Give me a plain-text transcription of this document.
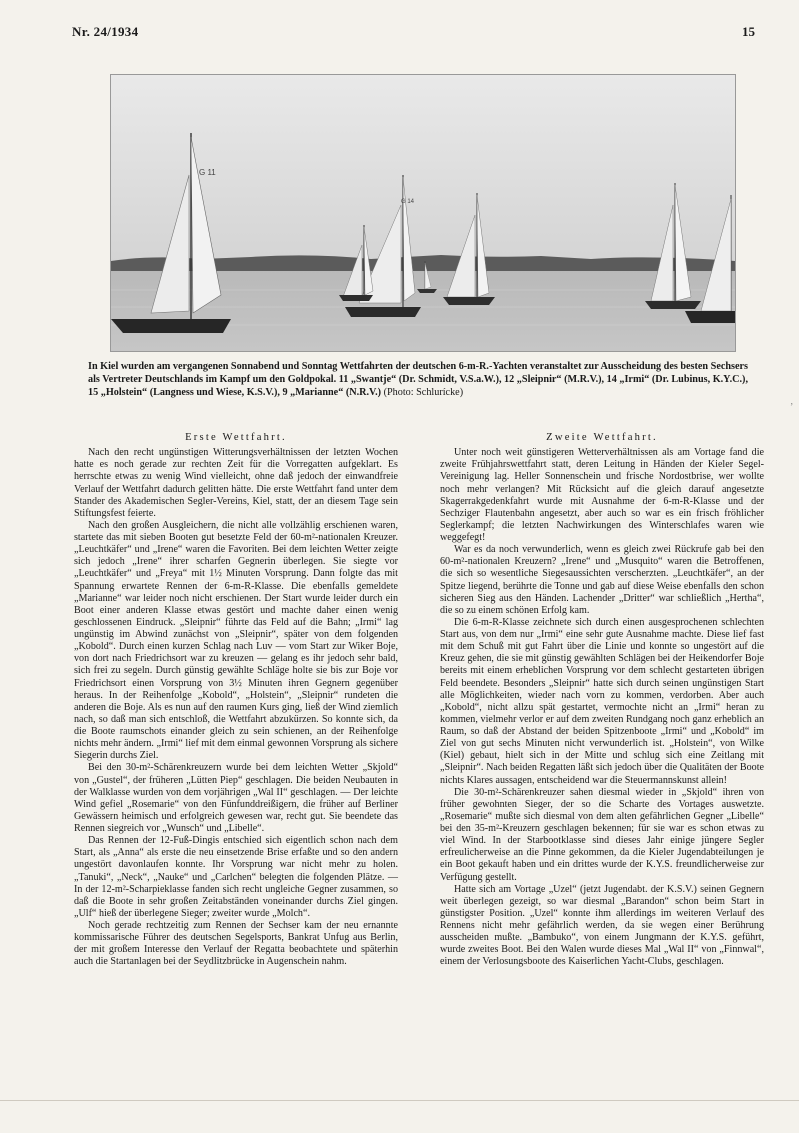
Nr. 24/1934	15
G 11
G 14
In Kiel wurden am vergangenen Sonnabend und Sonntag Wettfahrten der deutschen 6-m-R.-Yachten veranstaltet zur Ausscheidung des besten Sechsers als Vertreter Deutschlands im Kampf um den Goldpokal. 11 „Swantje“ (Dr. Schmidt, V.S.a.W.), 12 „Sleipnir“ (M.R.V.), 14 „Irmi“ (Dr. Lubinus, K.Y.C.), 15 „Holstein“ (Langness und Wiese, K.S.V.), 9 „Marianne“ (N.R.V.) (Photo: Schlurícke)
,
Erste Wettfahrt.

Nach den recht ungünstigen Witterungsverhältnissen der letzten Wochen hatte es noch gerade zur rechten Zeit für die Vorregatten aufgeklart. Es herrschte etwas zu wenig Wind vielleicht, ohne daß jedoch der einwandfreie Verlauf der Wettfahrt dadurch gelitten hätte. Die erste Wettfahrt fand unter dem Stander des Akademischen Segler-Vereins, Kiel, statt, der an diesem Tage sein Stiftungsfest feierte.

Nach den großen Ausgleichern, die nicht alle vollzählig erschienen waren, startete das mit sieben Booten gut besetzte Feld der 60-m²-nationalen Kreuzer. „Leuchtkäfer“ und „Irene“ waren die Favoriten. Bei dem leichten Wetter zeigte sich jedoch „Irene“ ihrer scharfen Gegnerin überlegen. Sie siegte vor „Leuchtkäfer“ und „Freya“ mit 1½ Minuten Vorsprung. Dann folgte das mit Spannung erwartete Rennen der 6-m-R-Klasse. Die ebenfalls gemeldete „Marianne“ war leider noch nicht erschienen. Der Start wurde leider durch ein Boot einer anderen Klasse etwas gestört und machte daher einen wenig geschlossenen Eindruck. „Sleipnir“ führte das Feld auf die Bahn; „Irmi“ lag ungünstig im Abwind zunächst von „Sleipnir“, später von dem folgenden „Kobold“. Durch einen kurzen Schlag nach Luv — vom Start zur Wiker Boje, von dort nach Friedrichsort war zu kreuzen — gelang es ihr jedoch sehr bald, sich frei zu segeln. Durch günstig gewählte Schläge holte sie bis zur Boje vor Friedrichsort einen Vorsprung von 3½ Minuten ihren Gegnern gegenüber heraus. In der Reihenfolge „Kobold“, „Holstein“, „Sleipnir“ rundeten die anderen die Boje. Als es nun auf den raumen Kurs ging, ließ der Wind ziemlich nach, so daß man sich entschloß, die Wettfahrt abzukürzen. So konnte sich, da die Boote raumschots einander gleich zu sein schienen, an der Reihenfolge nichts mehr ändern. „Irmi“ lief mit dem einmal gewonnen Vorsprung als sichere Siegerin durchs Ziel.

Bei den 30-m²-Schärenkreuzern wurde bei dem leichten Wetter „Skjold“ von „Gustel“, der früheren „Lütten Piep“ geschlagen. Die beiden Neubauten in der Walklasse wurden von dem vorjährigen „Wal II“ geschlagen. — Der leichte Wind gefiel „Rosemarie“ von den Fünfunddreißigern, die früher auf Berliner Gewässern heimisch und erfolgreich gewesen war, recht gut. Sie beendete das Rennen siegreich vor „Wunsch“ und „Libelle“.

Das Rennen der 12-Fuß-Dingis entschied sich eigentlich schon nach dem Start, als „Anna“ als erste die neu einsetzende Brise erfaßte und so den andern ungestört davonlaufen konnte. Ihr Vorsprung war nicht mehr zu holen. „Tanuki“, „Neck“, „Nauke“ und „Carlchen“ belegten die folgenden Plätze. — In der 12-m²-Scharpieklasse fanden sich recht ungleiche Gegner zusammen, so daß die Boote in sehr großen Zeitabständen voneinander durchs Ziel gingen. „Ulf“ hieß der überlegene Sieger; zweiter wurde „Molch“.

Noch gerade rechtzeitig zum Rennen der Sechser kam der neu ernannte kommissarische Führer des deutschen Segelsports, Bankrat Unfug aus Berlin, der mit großem Interesse den Verlauf der Regatta beobachtete und späterhin auch die Startanlagen bei der Seydlitzbrücke in Augenschein nahm.

Zweite Wettfahrt.

Unter noch weit günstigeren Wetterverhältnissen als am Vortage fand die zweite Frühjahrswettfahrt statt, deren Leitung in Händen der Kieler Segel-Vereinigung lag. Heller Sonnenschein und frische Nordostbrise, wer wollte noch mehr verlangen? Mit Rücksicht auf die gleich darauf angesetzte Skagerrakgedenkfahrt wurde mit Ausnahme der 6-m-R-Klasse und der Sechziger Flautenbahn angesetzt, aber auch so war es ein frisch fröhlicher Seglerkampf; die letzten Nachwirkungen des Winterschlafes waren wie weggefegt!

War es da noch verwunderlich, wenn es gleich zwei Rückrufe gab bei den 60-m²-nationalen Kreuzern? „Irene“ und „Musquito“ waren die Betroffenen, die sich so wesentliche Siegesaussichten verscherzten. „Leuchtkäfer“, an der Spitze liegend, berührte die Tonne und gab auf diese Weise ebenfalls den schon sicheren Sieg aus den Händen. Lachender „Dritter“ war schließlich „Hertha“, die so zu einem schönen Erfolg kam.

Die 6-m-R-Klasse zeichnete sich durch einen ausgesprochenen schlechten Start aus, von dem nur „Irmi“ eine sehr gute Ausnahme machte. Diese lief fast mit dem Schuß mit gut Fahrt über die Linie und konnte so ungestört auf die Kreuz gehen, die sie mit günstig gewählten Schlägen bei der Heikendorfer Boje bereits mit einem erheblichen Vorsprung vor dem schlecht gestarteten übrigen Feld beendete. Besonders „Sleipnir“ hatte sich durch seinen ungünstigen Start alle Möglichkeiten, wieder nach vorn zu kommen, verdorben. Aber auch „Kobold“, nicht allzu spät gestartet, vermochte nicht an „Irmi“ heran zu kommen, vielmehr verlor er auf dem zweiten Rundgang noch ganz erheblich an Raum, so daß der Abstand der beiden Spitzenboote „Irmi“ und „Kobold“ im Ziel von gut sechs Minuten nicht verwunderlich ist. „Holstein“, von Wilke (Kiel) gebaut, hielt sich in der Mitte und schlug sich eine Zeitlang mit „Sleipnir“. Nach beiden Regatten läßt sich jedoch über die Qualitäten der Boote nichts Klares aussagen, entscheidend war die Steuermannskunst allein!

Die 30-m²-Schärenkreuzer sahen diesmal wieder in „Skjold“ ihren von früher gewohnten Sieger, der so die Scharte des Vortages auswetzte. „Rosemarie“ mußte sich diesmal von dem alten gefährlichen Gegner „Libelle“ bei den 35-m²-Kreuzern geschlagen bekennen; für sie war es schon etwas zu viel Wind. In der Starbootklasse sind dieses Jahr einige jüngere Segler erfreulicherweise an die Pinne gekommen, da die Kieler Jugendabteilungen je ein Boot gekauft haben und ein drittes wurde der K.Y.S. freundlicherweise zur Verfügung gestellt.

Hatte sich am Vortage „Uzel“ (jetzt Jugendabt. der K.S.V.) seinen Gegnern weit überlegen gezeigt, so war diesmal „Barandon“ schon beim Start in günstigster Position. „Uzel“ konnte ihm allerdings im weiteren Verlauf des Rennens nicht mehr gefährlich werden, da sie wegen einer Berührung ausscheiden mußte. „Bambuko“, von einem Jungmann der K.Y.S. geführt, wurde zweites Boot. Bei den Walen wurde dieses Mal „Wal II“ von „Finnwal“, einem der Verlosungsboote des Kaiserlichen Yacht-Clubs, geschlagen.
